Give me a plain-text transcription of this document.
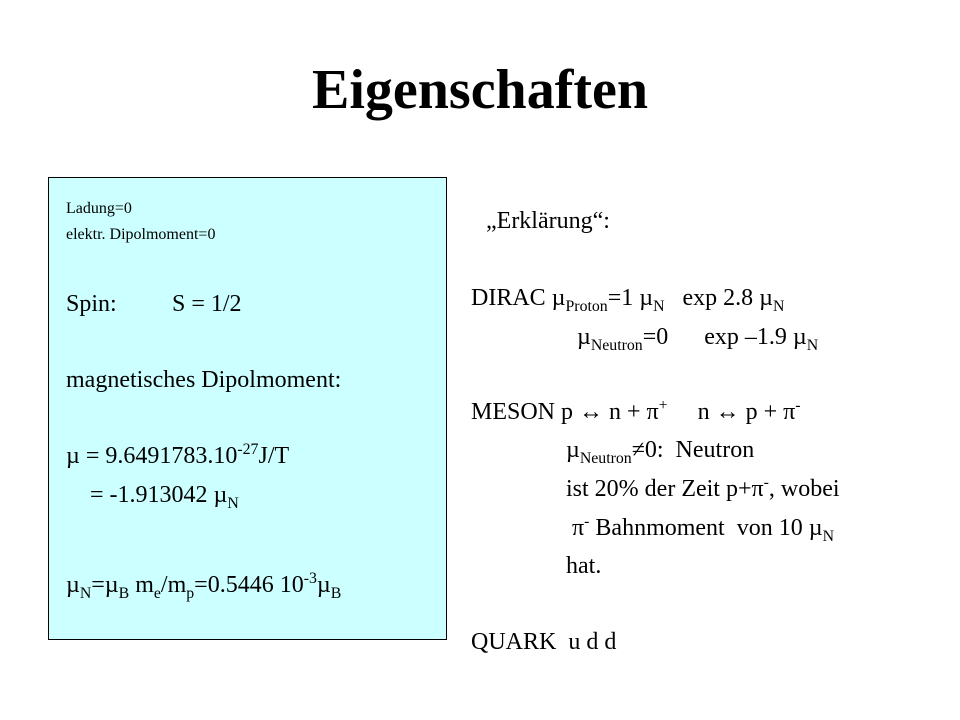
Eigenschaften
Ladung=0
elektr. Dipolmoment=0
Spin: S = 1/2
magnetisches Dipolmoment:
$\mu = 9.6491783.10^{-27}J/T$
= -1.913042 µ$_N$
µ$_N$=µ$_B$ $m_e/m_p=0.5446$ $10^{-3}\mu_B$
„Erklärung“:
DIRAC µ$_{Proton}$=1 µ$_N$   exp 2.8 µ$_N$
µ$_{Neutron}$=0      exp –1.9 µ$_N$
MESON p ↔ n + π+     n ↔ p + π-
µ$_{Neutron}$≠0:  Neutron
ist 20% der Zeit p+π-, wobei
π- Bahnmoment  von 10 µ$_N$
hat.
QUARK  u d d
